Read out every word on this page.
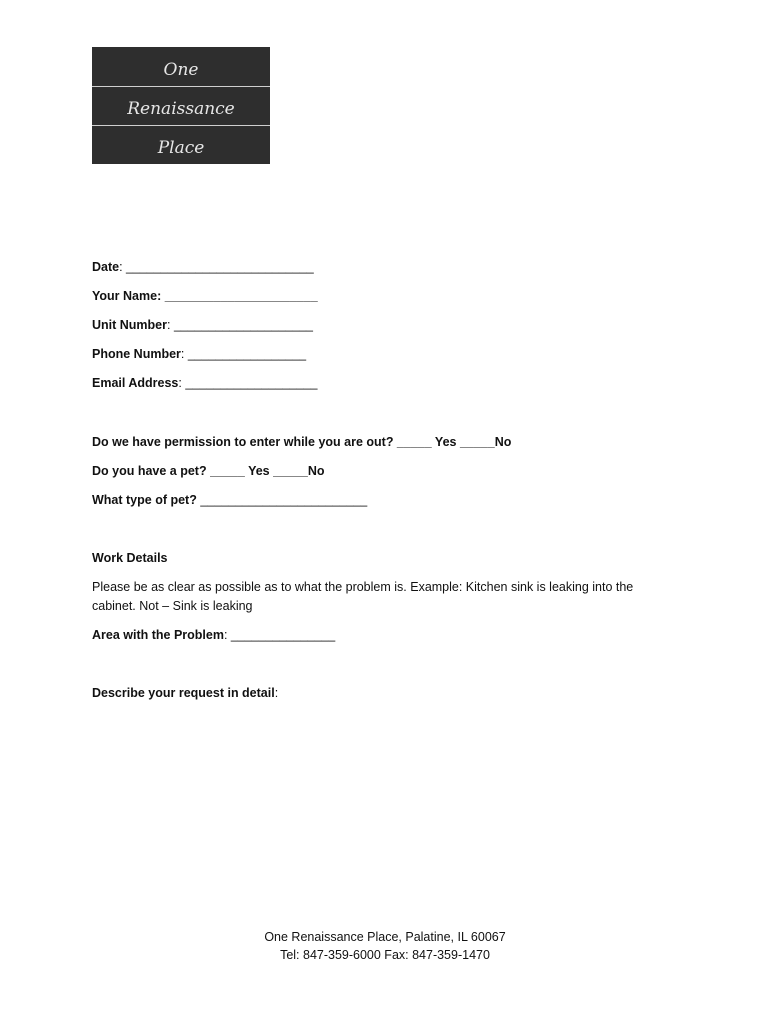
One
Renaissance
Place
Date: ___________________________
Your Name: ______________________
Unit Number: ____________________
Phone Number: _________________
Email Address: ___________________
Do we have permission to enter while you are out? _____ Yes _____No
Do you have a pet? _____ Yes _____No
What type of pet? ________________________
Work Details
Please be as clear as possible as to what the problem is. Example: Kitchen sink is leaking into the cabinet. Not – Sink is leaking
Area with the Problem: _______________
Describe your request in detail:
One Renaissance Place, Palatine, IL 60067
Tel: 847-359-6000 Fax: 847-359-1470
